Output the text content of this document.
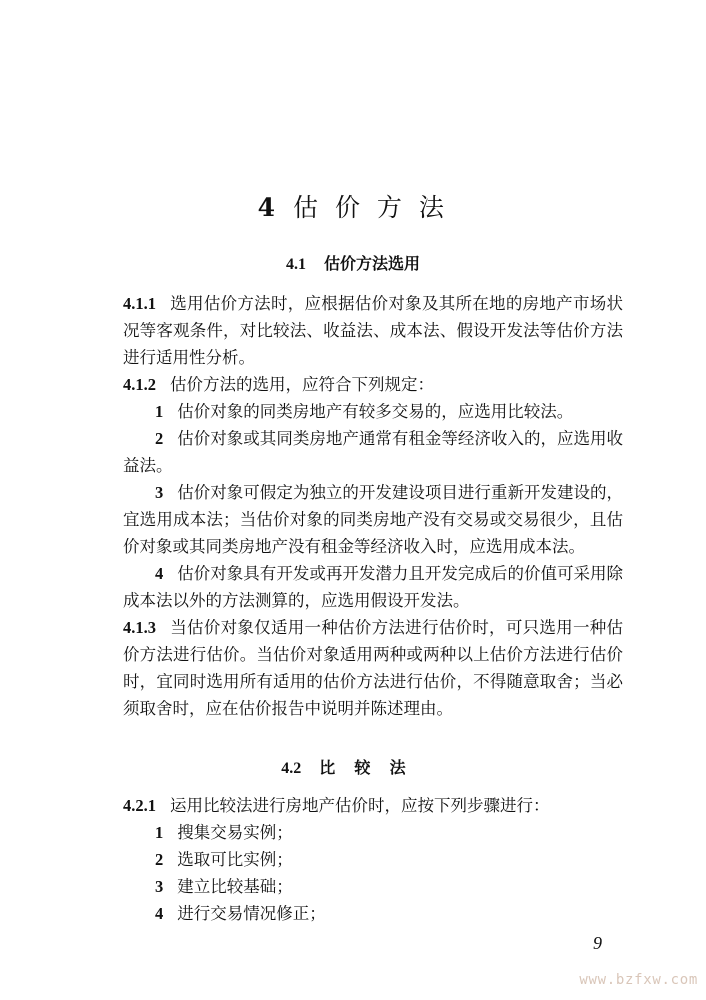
4 估 价 方 法
4.1 估价方法选用

4.1.1 选用估价方法时，应根据估价对象及其所在地的房地产市场状况等客观条件，对比较法、收益法、成本法、假设开发法等估价方法进行适用性分析。

4.1.2 估价方法的选用，应符合下列规定：

1 估价对象的同类房地产有较多交易的，应选用比较法。

2 估价对象或其同类房地产通常有租金等经济收入的，应选用收益法。

3 估价对象可假定为独立的开发建设项目进行重新开发建设的，宜选用成本法；当估价对象的同类房地产没有交易或交易很少，且估价对象或其同类房地产没有租金等经济收入时，应选用成本法。

4 估价对象具有开发或再开发潜力且开发完成后的价值可采用除成本法以外的方法测算的，应选用假设开发法。

4.1.3 当估价对象仅适用一种估价方法进行估价时，可只选用一种估价方法进行估价。当估价对象适用两种或两种以上估价方法进行估价时，宜同时选用所有适用的估价方法进行估价，不得随意取舍；当必须取舍时，应在估价报告中说明并陈述理由。

4.2 比较法

4.2.1 运用比较法进行房地产估价时，应按下列步骤进行：

1 搜集交易实例；

2 选取可比实例；

3 建立比较基础；

4 进行交易情况修正；

9
www.bzfxw.com
